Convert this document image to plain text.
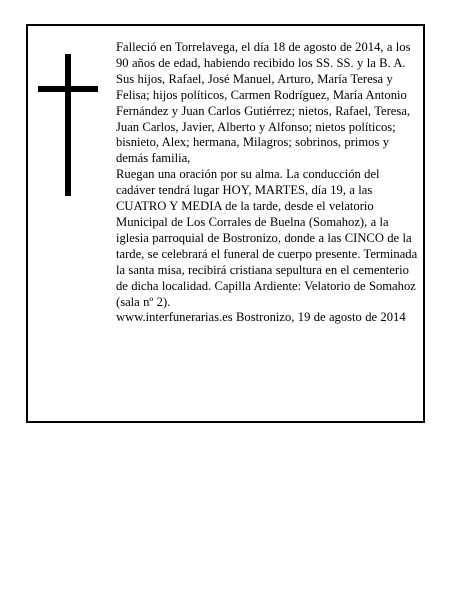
Falleció en Torrelavega, el día 18 de agosto de 2014, a los 90 años de edad, habiendo recibido los SS. SS. y la B. A.

Sus hijos, Rafael, José Manuel, Arturo, María Teresa y Felisa; hijos políticos, Carmen Rodríguez, María Antonio Fernández y Juan Carlos Gutiérrez; nietos, Rafael, Teresa, Juan Carlos, Javier, Alberto y Alfonso; nietos políticos; bisnieto, Alex; hermana, Milagros; sobrinos, primos y demás familia,

Ruegan una oración por su alma. La conducción del cadáver tendrá lugar HOY, MARTES, día 19, a las CUATRO Y MEDIA de la tarde, desde el velatorio Municipal de Los Corrales de Buelna (Somahoz), a la iglesia parroquial de Bostronizo, donde a las CINCO de la tarde, se celebrará el funeral de cuerpo presente. Terminada la santa misa, recibirá cristiana sepultura en el cementerio de dicha localidad. Capilla Ardiente: Velatorio de Somahoz (sala nº 2).

www.interfunerarias.es Bostronizo, 19 de agosto de 2014
